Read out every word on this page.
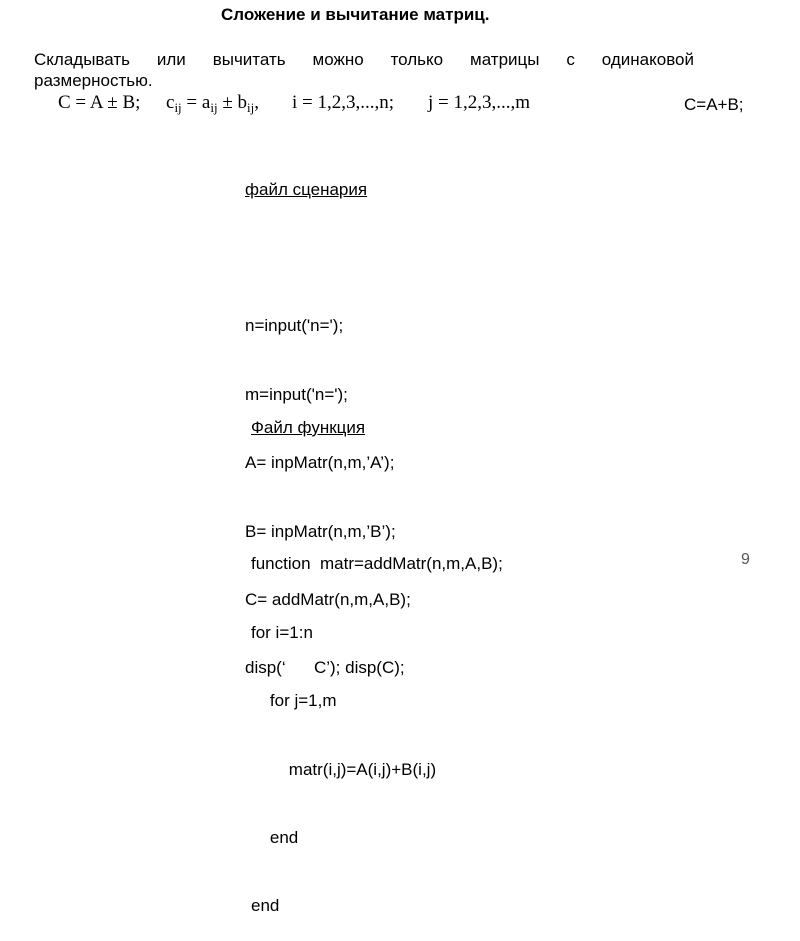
Сложение и вычитание матриц.
Складывать или вычитать можно только матрицы с одинаковой
размерностью.
C = A ± B; $c_{ij} = a_{ij} \pm b_{ij}$, i = 1,2,3,...,n; j = 1,2,3,...,m	C=A+B;

файл сценария

n=input('n=');

m=input('n=');

A= inpMatr(n,m,’A’);

B= inpMatr(n,m,’B’);

C= addMatr(n,m,A,B);

disp(‘      C’); disp(C);

Файл функция

function  matr=addMatr(n,m,A,B);

for i=1:n

for j=1,m

matr(i,j)=A(i,j)+B(i,j)

end

end

9
